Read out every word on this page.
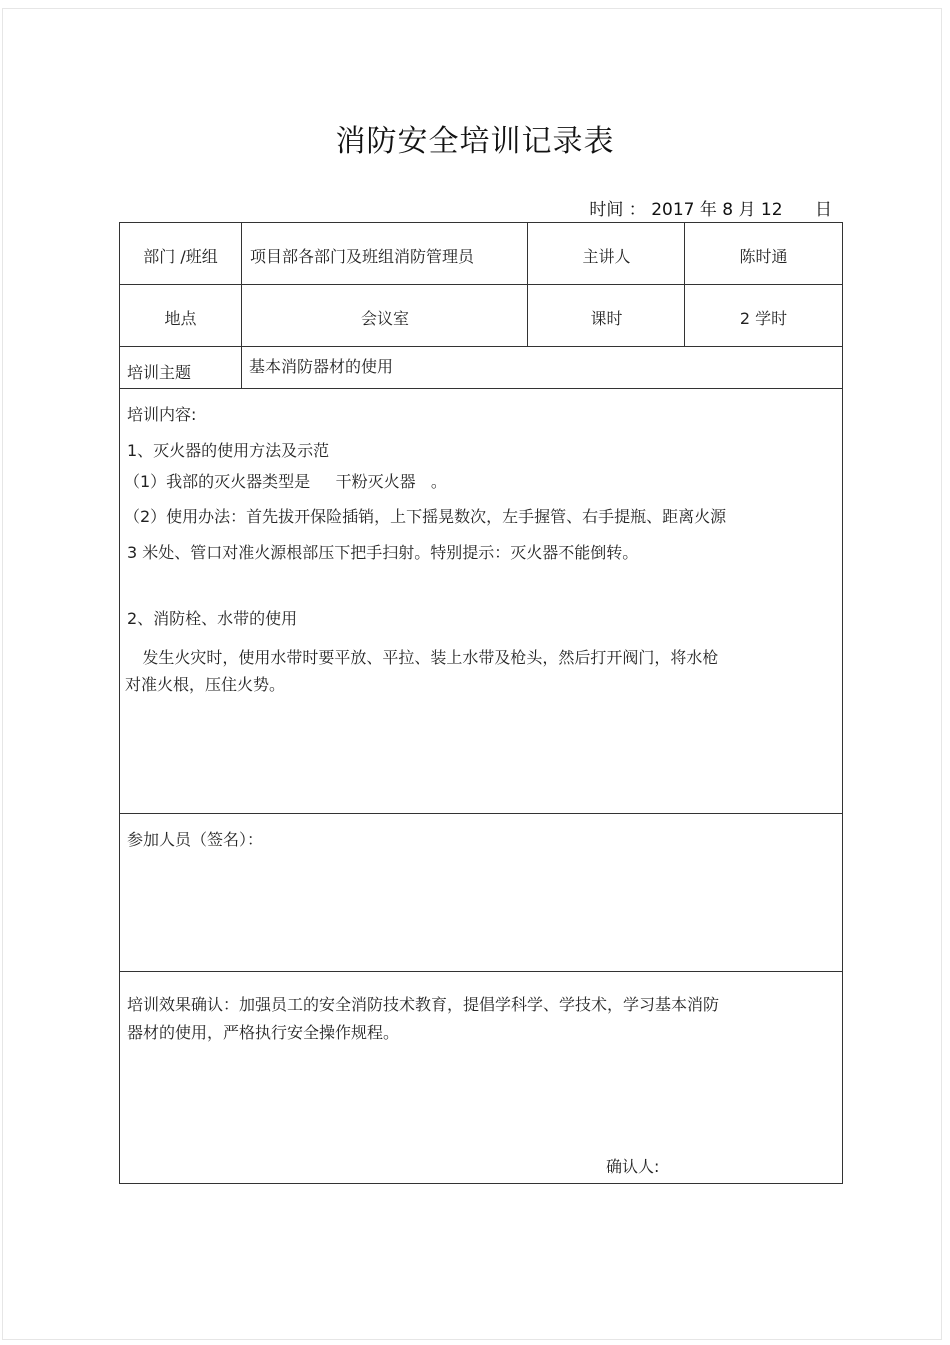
消防安全培训记录表
时间 ： 2017 年 8 月 12      日
部门 /班组	项目部各部门及班组消防管理员	主讲人	陈时通
地点	会议室	课时	2 学时
培训主题	基本消防器材的使用
培训内容:
1、灭火器的使用方法及示范
（1）我部的灭火器类型是     干粉灭火器   。
（2）使用办法：首先拔开保险插销，上下摇晃数次，左手握管、右手提瓶、距离火源
3 米处、管口对准火源根部压下把手扫射。特别提示：灭火器不能倒转。
2、消防栓、水带的使用
发生火灾时，使用水带时要平放、平拉、装上水带及枪头，然后打开阀门，将水枪
对准火根，压住火势。
参加人员（签名）：
培训效果确认：加强员工的安全消防技术教育，提倡学科学、学技术，学习基本消防
器材的使用，严格执行安全操作规程。
确认人:
